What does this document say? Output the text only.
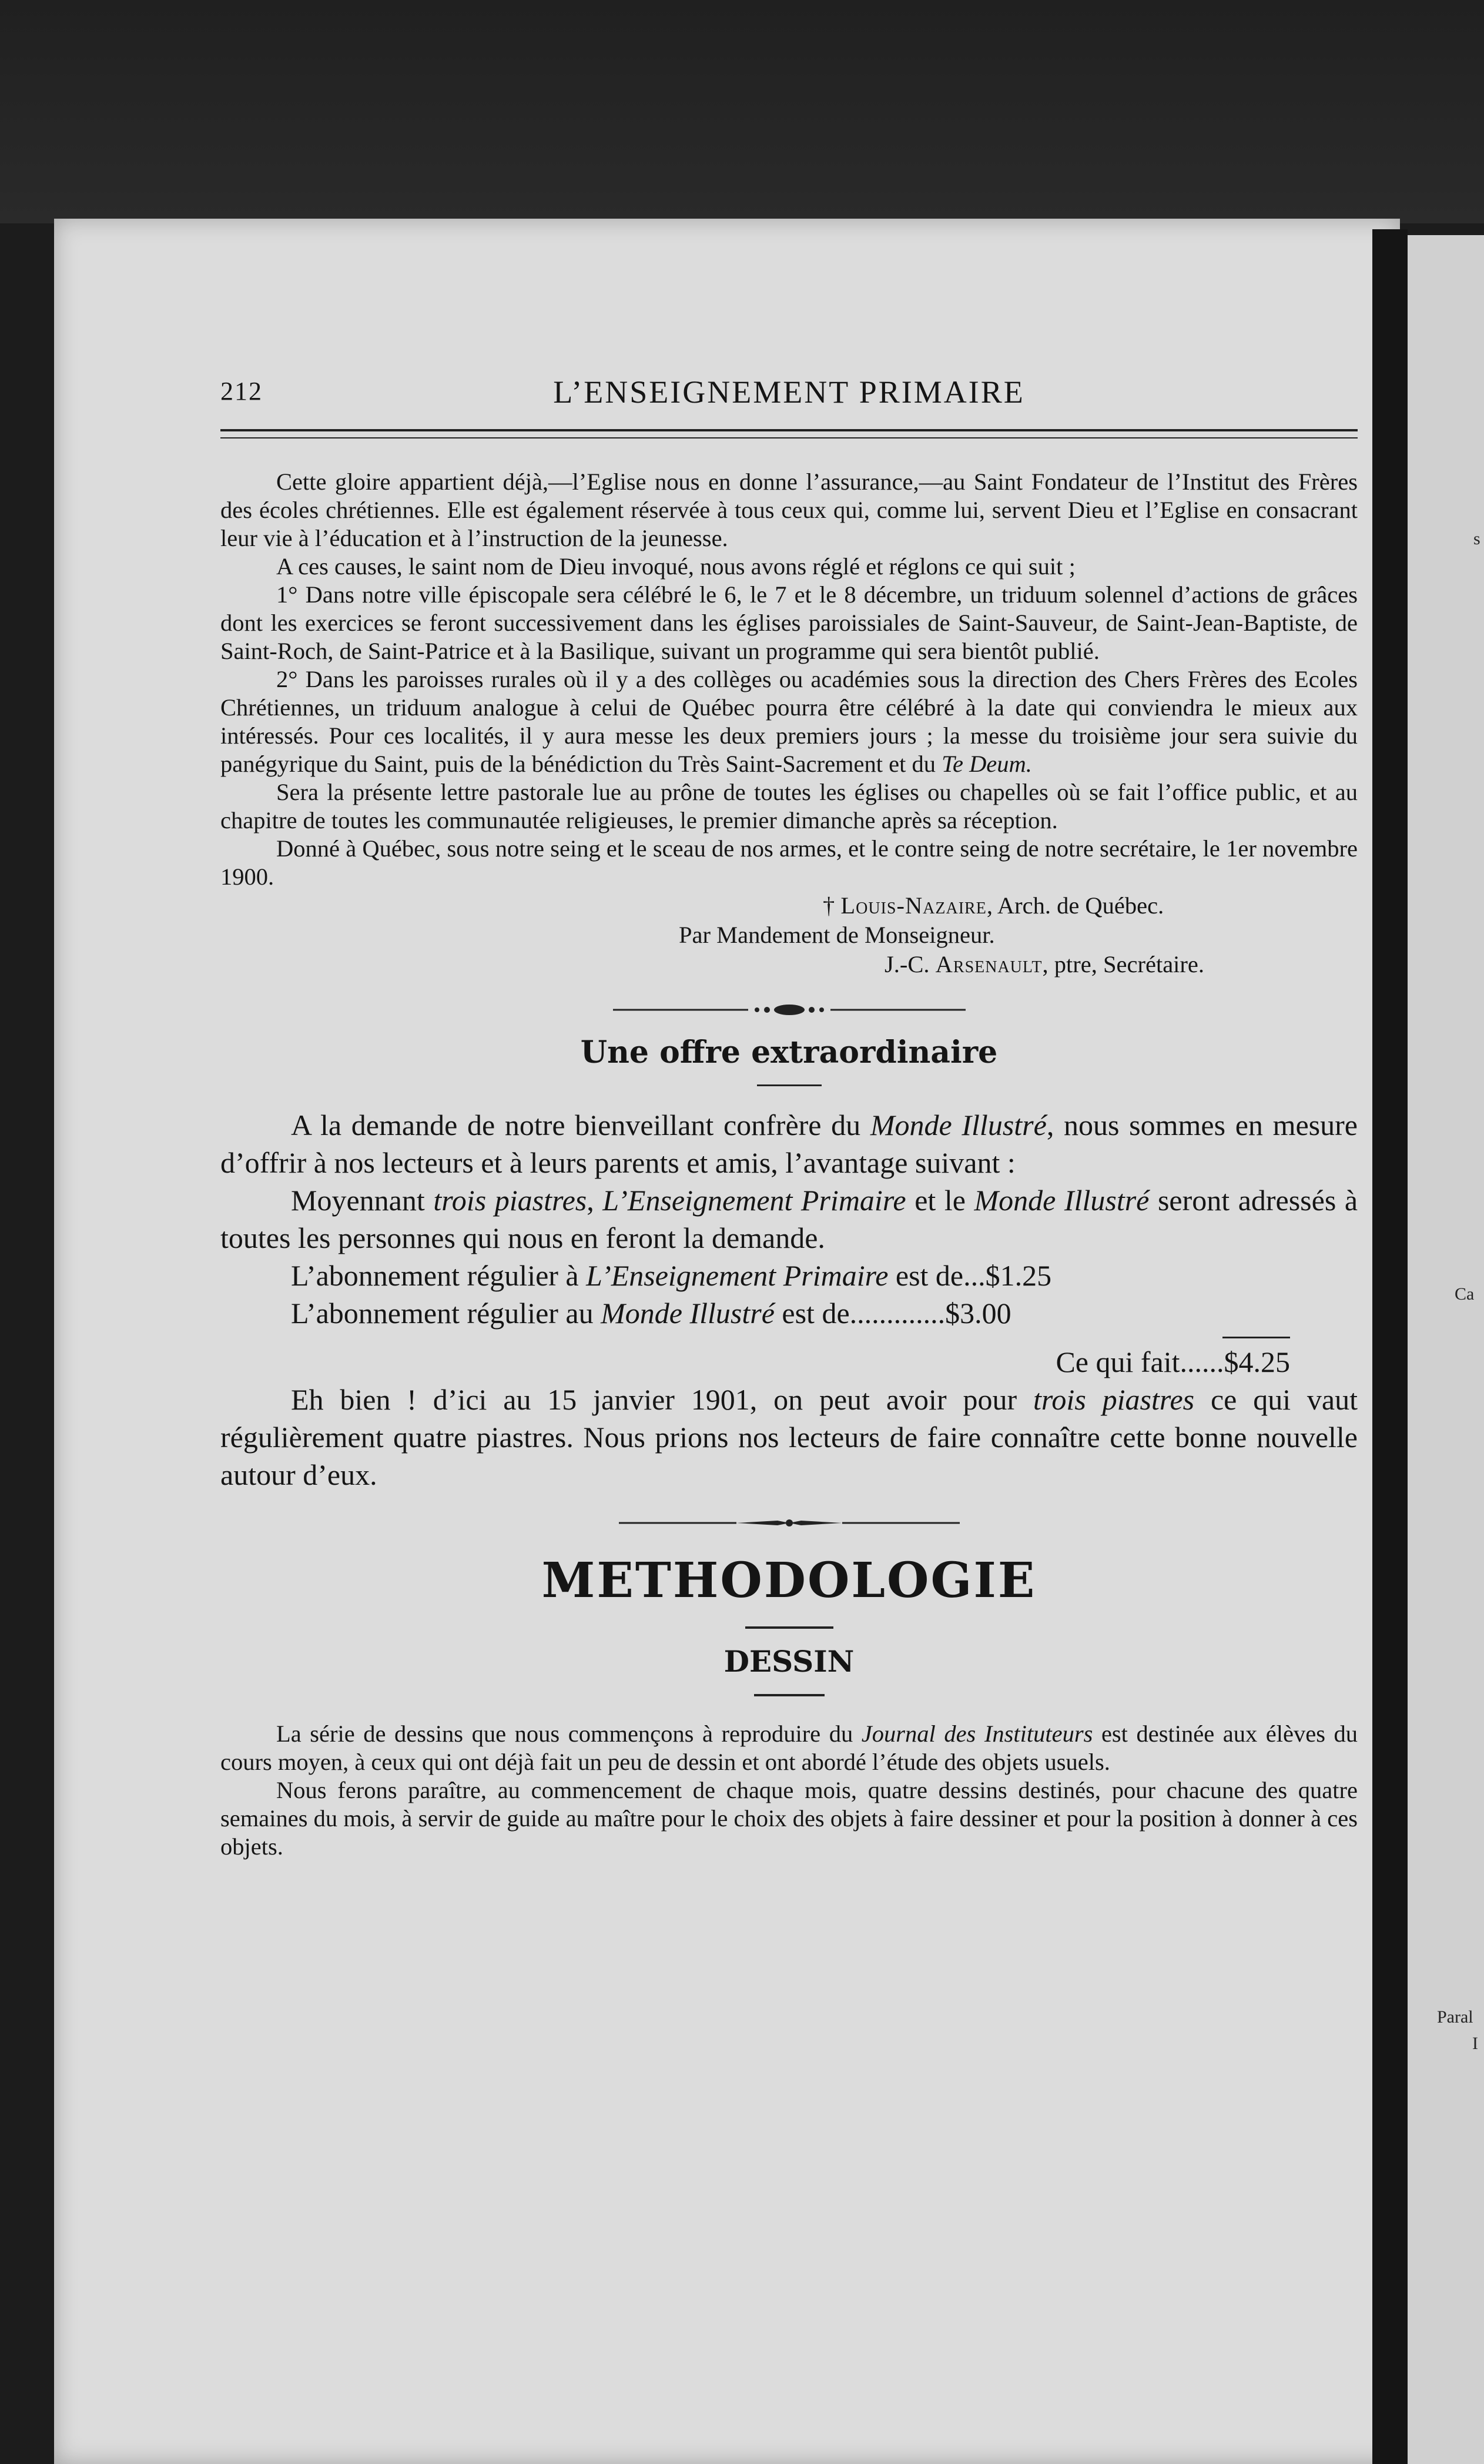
s
Ca
Paral
I
212	L’ENSEIGNEMENT PRIMAIRE

Cette gloire appartient déjà,—l’Eglise nous en donne l’assurance,—au Saint Fondateur de l’Institut des Frères des écoles chrétiennes. Elle est également réservée à tous ceux qui, comme lui, servent Dieu et l’Eglise en consacrant leur vie à l’éducation et à l’instruction de la jeunesse.

A ces causes, le saint nom de Dieu invoqué, nous avons réglé et réglons ce qui suit ;

1° Dans notre ville épiscopale sera célébré le 6, le 7 et le 8 décembre, un triduum solennel d’actions de grâces dont les exercices se feront successivement dans les églises paroissiales de Saint-Sauveur, de Saint-Jean-Baptiste, de Saint-Roch, de Saint-Patrice et à la Basilique, suivant un programme qui sera bientôt publié.

2° Dans les paroisses rurales où il y a des collèges ou académies sous la direction des Chers Frères des Ecoles Chrétiennes, un triduum analogue à celui de Québec pourra être célébré à la date qui conviendra le mieux aux intéressés. Pour ces localités, il y aura messe les deux premiers jours ; la messe du troisième jour sera suivie du panégyrique du Saint, puis de la bénédiction du Très Saint-Sacrement et du Te Deum.

Sera la présente lettre pastorale lue au prône de toutes les églises ou chapelles où se fait l’office public, et au chapitre de toutes les communautée religieuses, le premier dimanche après sa réception.

Donné à Québec, sous notre seing et le sceau de nos armes, et le contre seing de notre secrétaire, le 1er novembre 1900.

† Louis-Nazaire, Arch. de Québec.

Par Mandement de Monseigneur.

J.-C. Arsenault, ptre, Secrétaire.

Une offre extraordinaire

A la demande de notre bienveillant confrère du Monde Illustré, nous sommes en mesure d’offrir à nos lecteurs et à leurs parents et amis, l’avantage suivant :

Moyennant trois piastres, L’Enseignement Primaire et le Monde Illustré seront adressés à toutes les personnes qui nous en feront la demande.

L’abonnement régulier à L’Enseignement Primaire est de...$1.25

L’abonnement régulier au Monde Illustré est de.............$3.00

Ce qui fait......$4.25

Eh bien ! d’ici au 15 janvier 1901, on peut avoir pour trois piastres ce qui vaut régulièrement quatre piastres. Nous prions nos lecteurs de faire connaître cette bonne nouvelle autour d’eux.

METHODOLOGIE
DESSIN

La série de dessins que nous commençons à reproduire du Journal des Instituteurs est destinée aux élèves du cours moyen, à ceux qui ont déjà fait un peu de dessin et ont abordé l’étude des objets usuels.

Nous ferons paraître, au commencement de chaque mois, quatre dessins destinés, pour chacune des quatre semaines du mois, à servir de guide au maître pour le choix des objets à faire dessiner et pour la position à donner à ces objets.
